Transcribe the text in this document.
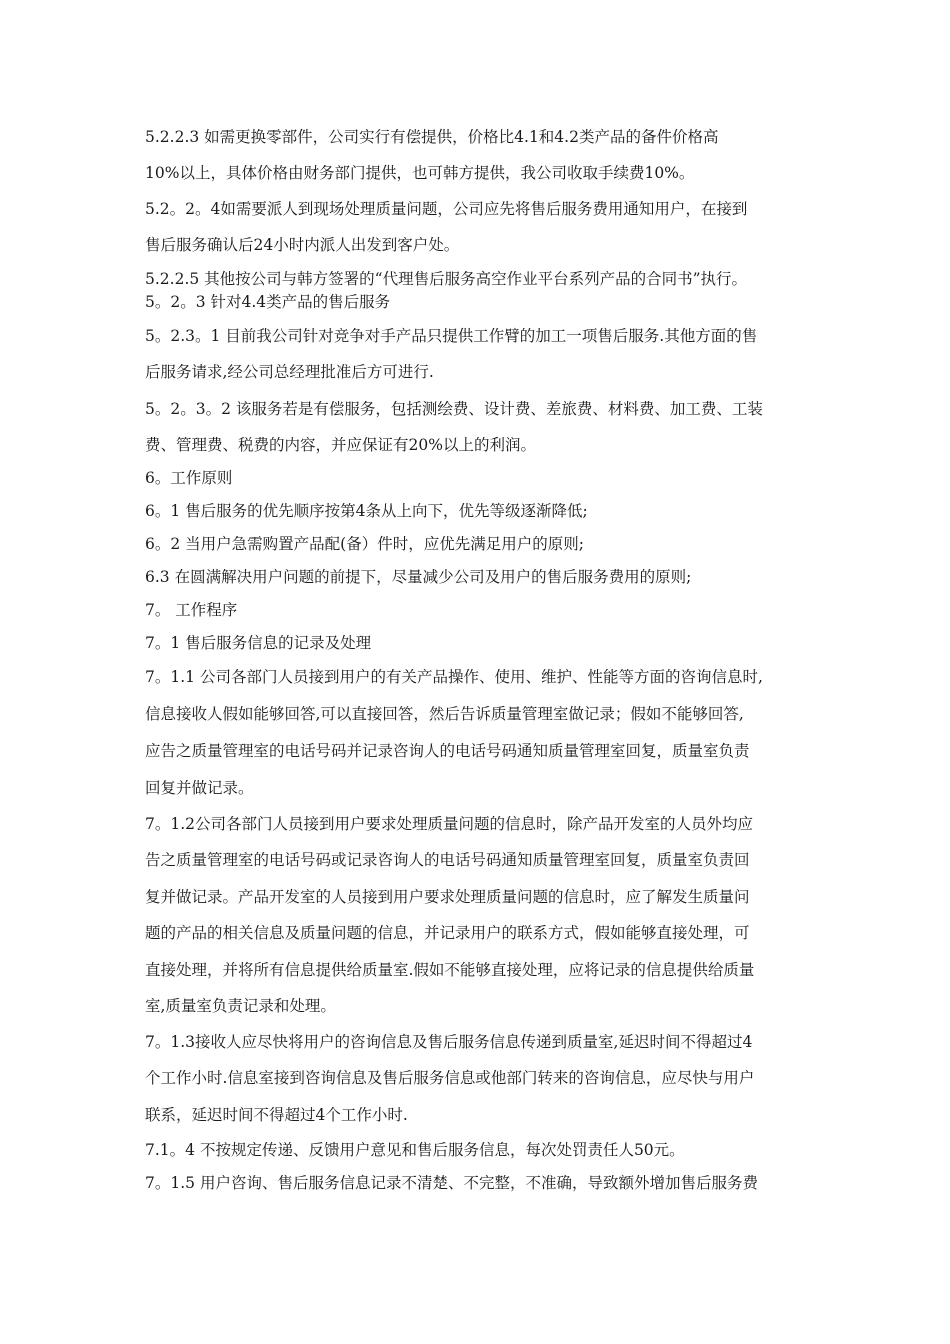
5.2.2.3 如需更换零部件，公司实行有偿提供，价格比4.1和4.2类产品的备件价格高
10%以上，具体价格由财务部门提供，也可韩方提供，我公司收取手续费10%。
5.2。2。4如需要派人到现场处理质量问题，公司应先将售后服务费用通知用户，在接到
售后服务确认后24小时内派人出发到客户处。
5.2.2.5 其他按公司与韩方签署的“代理售后服务高空作业平台系列产品的合同书”执行。
5。2。3 针对4.4类产品的售后服务
5。2.3。1 目前我公司针对竞争对手产品只提供工作臂的加工一项售后服务.其他方面的售
后服务请求,经公司总经理批准后方可进行.
5。2。3。2 该服务若是有偿服务，包括测绘费、设计费、差旅费、材料费、加工费、工装
费、管理费、税费的内容，并应保证有20%以上的利润。
6。工作原则
6。1 售后服务的优先顺序按第4条从上向下，优先等级逐渐降低;
6。2 当用户急需购置产品配(备）件时，应优先满足用户的原则;
6.3 在圆满解决用户问题的前提下，尽量减少公司及用户的售后服务费用的原则;
7。 工作程序
7。1 售后服务信息的记录及处理
7。1.1 公司各部门人员接到用户的有关产品操作、使用、维护、性能等方面的咨询信息时,
信息接收人假如能够回答,可以直接回答，然后告诉质量管理室做记录；假如不能够回答,
应告之质量管理室的电话号码并记录咨询人的电话号码通知质量管理室回复，质量室负责
回复并做记录。
7。1.2公司各部门人员接到用户要求处理质量问题的信息时，除产品开发室的人员外均应
告之质量管理室的电话号码或记录咨询人的电话号码通知质量管理室回复，质量室负责回
复并做记录。产品开发室的人员接到用户要求处理质量问题的信息时，应了解发生质量问
题的产品的相关信息及质量问题的信息，并记录用户的联系方式，假如能够直接处理，可
直接处理，并将所有信息提供给质量室.假如不能够直接处理，应将记录的信息提供给质量
室,质量室负责记录和处理。
7。1.3接收人应尽快将用户的咨询信息及售后服务信息传递到质量室,延迟时间不得超过4
个工作小时.信息室接到咨询信息及售后服务信息或他部门转来的咨询信息，应尽快与用户
联系，延迟时间不得超过4个工作小时.
7.1。4 不按规定传递、反馈用户意见和售后服务信息，每次处罚责任人50元。
7。1.5 用户咨询、售后服务信息记录不清楚、不完整，不准确，导致额外增加售后服务费
